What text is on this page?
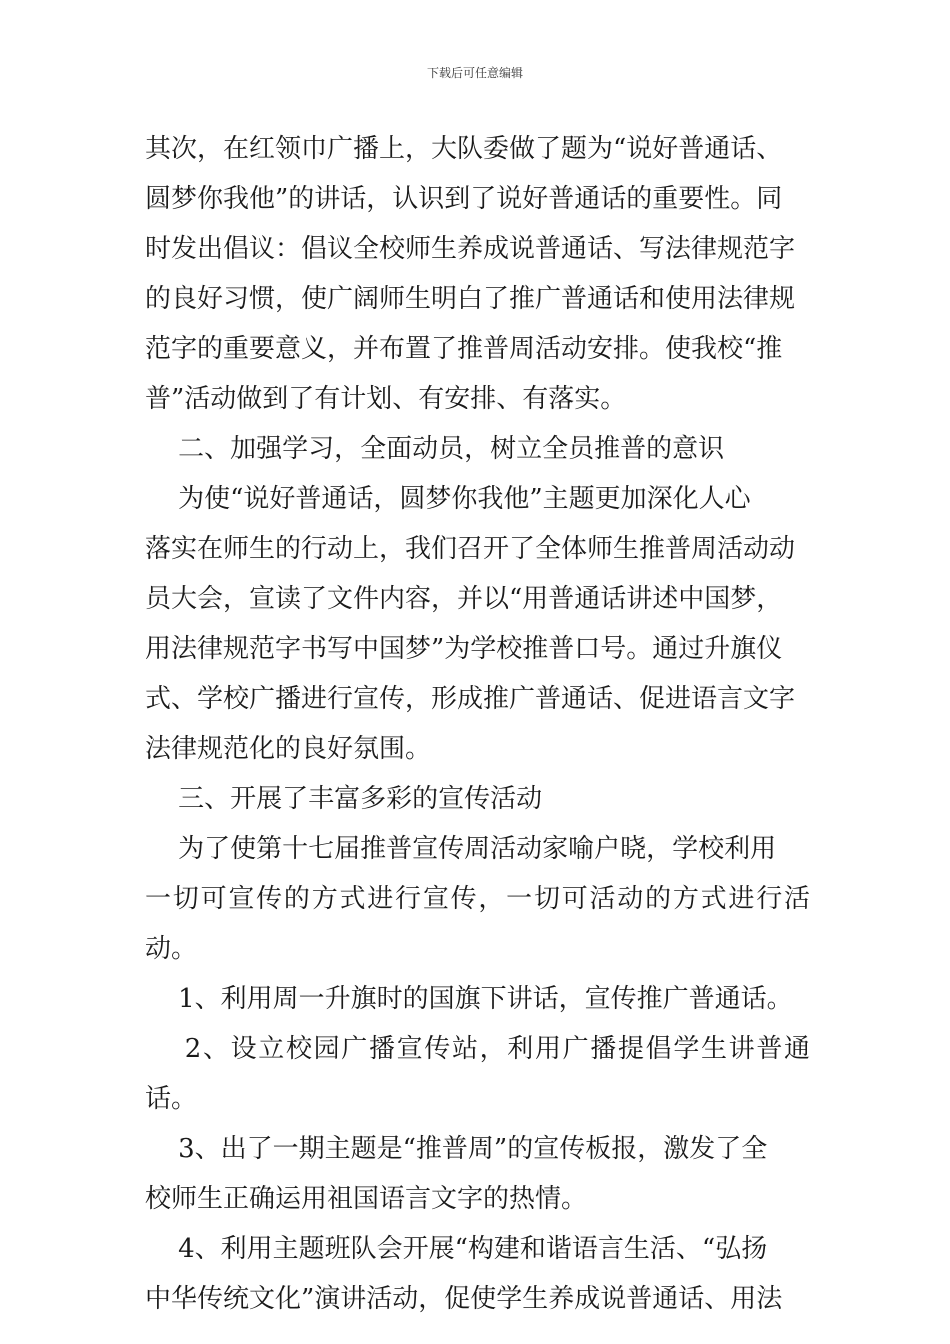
下载后可任意编辑

其次，在红领巾广播上，大队委做了题为“说好普通话、
圆梦你我他”的讲话，认识到了说好普通话的重要性。同
时发出倡议：倡议全校师生养成说普通话、写法律规范字
的良好习惯，使广阔师生明白了推广普通话和使用法律规
范字的重要意义，并布置了推普周活动安排。使我校“推
普”活动做到了有计划、有安排、有落实。

二、加强学习，全面动员，树立全员推普的意识

为使“说好普通话，圆梦你我他”主题更加深化人心
落实在师生的行动上，我们召开了全体师生推普周活动动
员大会，宣读了文件内容，并以“用普通话讲述中国梦，
用法律规范字书写中国梦”为学校推普口号。通过升旗仪
式、学校广播进行宣传，形成推广普通话、促进语言文字
法律规范化的良好氛围。

三、开展了丰富多彩的宣传活动

为了使第十七届推普宣传周活动家喻户晓，学校利用
一切可宣传的方式进行宣传，一切可活动的方式进行活动。

1、利用周一升旗时的国旗下讲话，宣传推广普通话。

2、设立校园广播宣传站，利用广播提倡学生讲普通话。

3、出了一期主题是“推普周”的宣传板报，激发了全
校师生正确运用祖国语言文字的热情。

4、利用主题班队会开展“构建和谐语言生活、“弘扬
中华传统文化”演讲活动，促使学生养成说普通话、用法
